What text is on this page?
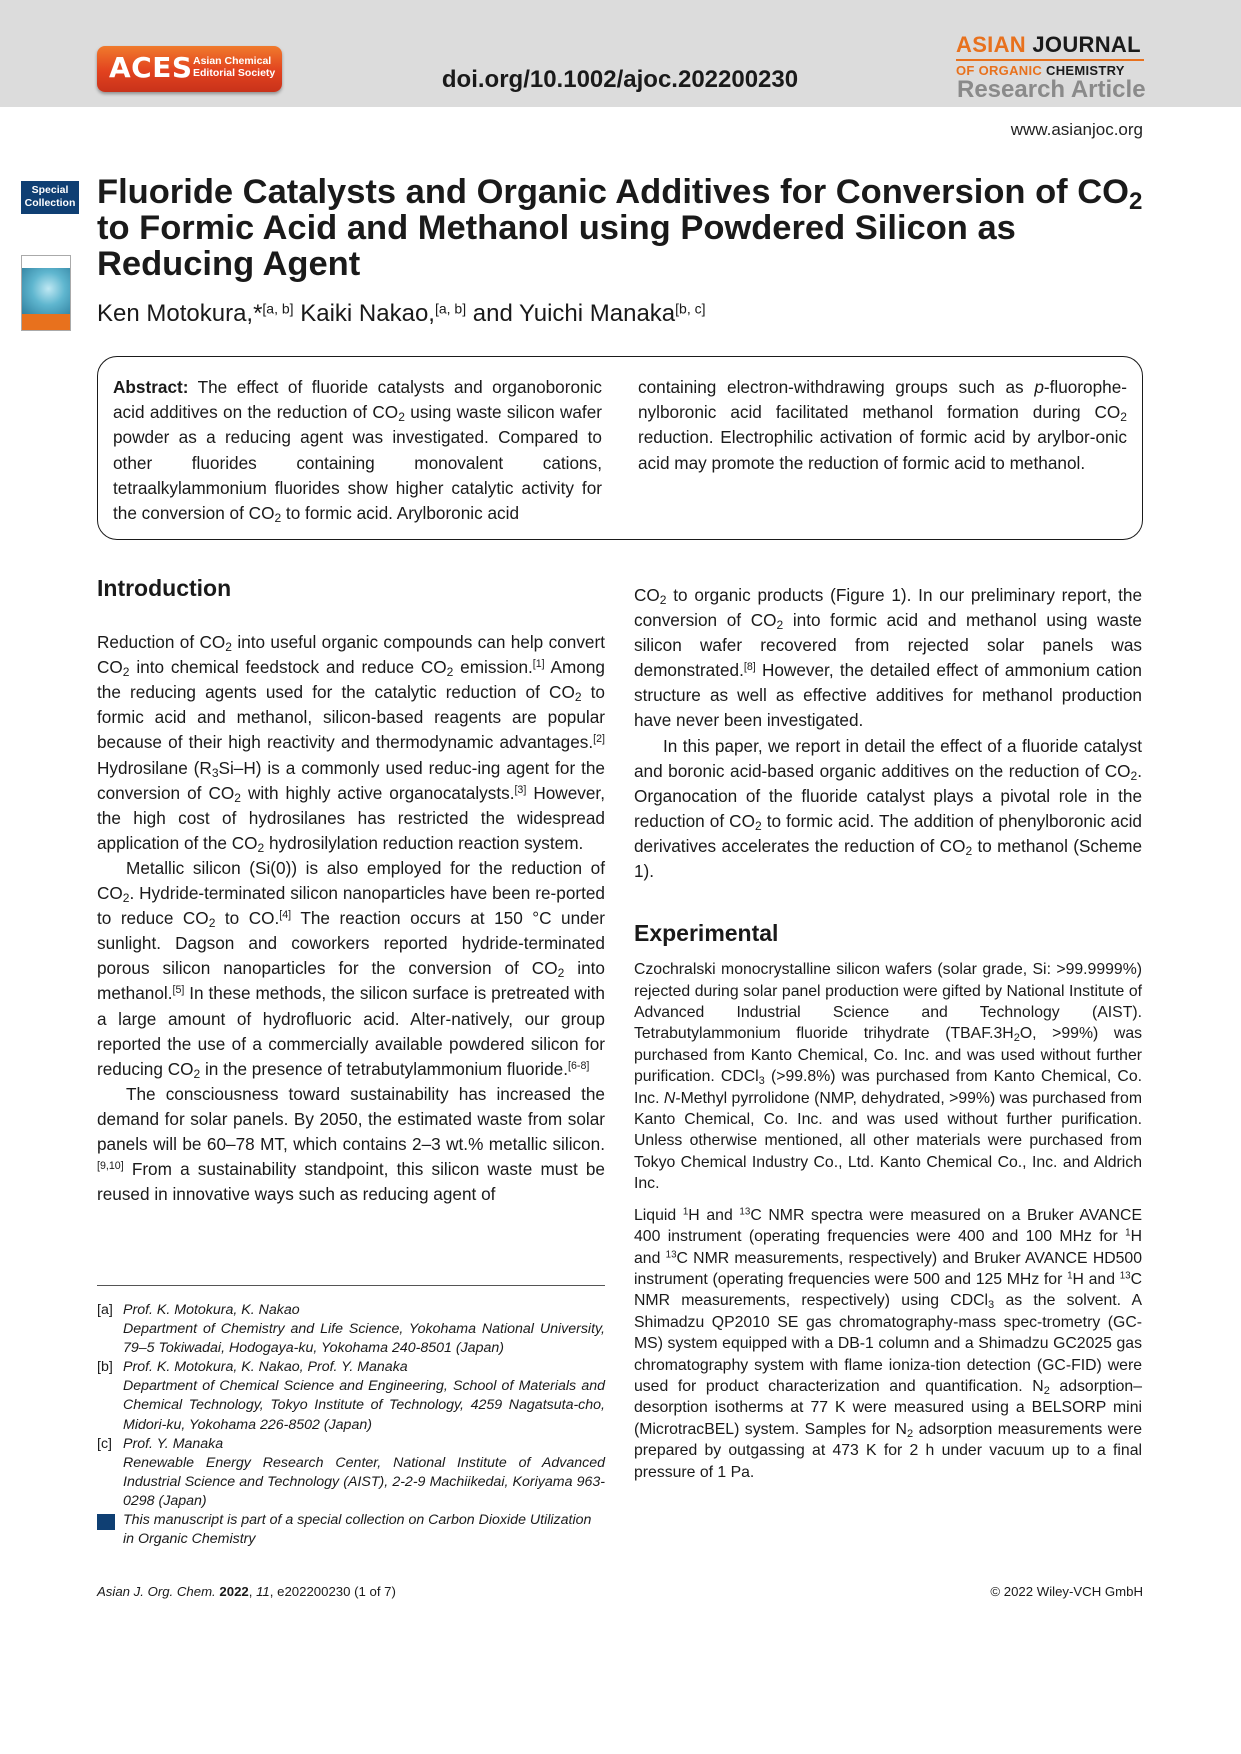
ACES Asian Chemical
Editorial Society	doi.org/10.1002/ajoc.202200230
ASIAN JOURNAL
OF ORGANIC CHEMISTRY
Research Article
www.asianjoc.org
Special
Collection Fluoride Catalysts and Organic Additives for Conversion of $CO_2$ to Formic Acid and Methanol using Powdered Silicon as Reducing Agent
Ken Motokura,*[a, b] Kaiki Nakao,[a, b] and Yuichi Manaka[b, c]
Abstract: The effect of fluoride catalysts and organoboronic acid additives on the reduction of $CO_2$ using waste silicon wafer powder as a reducing agent was investigated. Compared to other fluorides containing monovalent cations, tetraalkylammonium fluorides show higher catalytic activity for the conversion of $CO_2$ to formic acid. Arylboronic acid
containing electron-withdrawing groups such as p-fluorophe-nylboronic acid facilitated methanol formation during $CO_2$ reduction. Electrophilic activation of formic acid by arylbor-onic acid may promote the reduction of formic acid to methanol.
Introduction

Reduction of $CO_2$ into useful organic compounds can help convert $CO_2$ into chemical feedstock and reduce $CO_2$ emission.[1] Among the reducing agents used for the catalytic reduction of $CO_2$ to formic acid and methanol, silicon-based reagents are popular because of their high reactivity and thermodynamic advantages.[2] Hydrosilane $(R_3Si-H)$ is a commonly used reduc-ing agent for the conversion of $CO_2$ with highly active organocatalysts.[3] However, the high cost of hydrosilanes has restricted the widespread application of the $CO_2$ hydrosilylation reduction reaction system.

Metallic silicon (Si(0)) is also employed for the reduction of $CO_2$. Hydride-terminated silicon nanoparticles have been re-ported to reduce $CO_2$ to CO.[4] The reaction occurs at 150 °C under sunlight. Dagson and coworkers reported hydride-terminated porous silicon nanoparticles for the conversion of $CO_2$ into methanol.[5] In these methods, the silicon surface is pretreated with a large amount of hydrofluoric acid. Alter-natively, our group reported the use of a commercially available powdered silicon for reducing $CO_2$ in the presence of tetrabutylammonium fluoride.[6-8]

The consciousness toward sustainability has increased the demand for solar panels. By 2050, the estimated waste from solar panels will be 60–78 MT, which contains 2–3 wt.% metallic silicon.[9,10] From a sustainability standpoint, this silicon waste must be reused in innovative ways such as reducing agent of

$CO_2$ to organic products (Figure 1). In our preliminary report, the conversion of $CO_2$ into formic acid and methanol using waste silicon wafer recovered from rejected solar panels was demonstrated.[8] However, the detailed effect of ammonium cation structure as well as effective additives for methanol production have never been investigated.

In this paper, we report in detail the effect of a fluoride catalyst and boronic acid-based organic additives on the reduction of $CO_2$. Organocation of the fluoride catalyst plays a pivotal role in the reduction of $CO_2$ to formic acid. The addition of phenylboronic acid derivatives accelerates the reduction of $CO_2$ to methanol (Scheme 1).

Experimental

Czochralski monocrystalline silicon wafers (solar grade, Si: >99.9999%) rejected during solar panel production were gifted by National Institute of Advanced Industrial Science and Technology (AIST). Tetrabutylammonium fluoride trihydrate ($TBAF.3H_2O$, >99%) was purchased from Kanto Chemical, Co. Inc. and was used without further purification. CDCl$_3$ (>99.8%) was purchased from Kanto Chemical, Co. Inc. N-Methyl pyrrolidone (NMP, dehydrated, >99%) was purchased from Kanto Chemical, Co. Inc. and was used without further purification. Unless otherwise mentioned, all other materials were purchased from Tokyo Chemical Industry Co., Ltd. Kanto Chemical Co., Inc. and Aldrich Inc.

Liquid $^1$H and $^{13}$C NMR spectra were measured on a Bruker AVANCE 400 instrument (operating frequencies were 400 and 100 MHz for $^1$H and $^{13}$C NMR measurements, respectively) and Bruker AVANCE HD500 instrument (operating frequencies were 500 and 125 MHz for $^1$H and $^{13}$C NMR measurements, respectively) using CDCl$_3$ as the solvent. A Shimadzu QP2010 SE gas chromatography-mass spec-trometry (GC-MS) system equipped with a DB-1 column and a Shimadzu GC2025 gas chromatography system with flame ioniza-tion detection (GC-FID) were used for product characterization and quantification. $N_2$ adsorption–desorption isotherms at 77 K were measured using a BELSORP mini (MicrotracBEL) system. Samples for $N_2$ adsorption measurements were prepared by outgassing at 473 K for 2 h under vacuum up to a final pressure of 1 Pa.

[a] Prof. K. Motokura, K. Nakao
Department of Chemistry and Life Science, Yokohama National University, 79–5 Tokiwadai, Hodogaya-ku, Yokohama 240-8501 (Japan)
[b] Prof. K. Motokura, K. Nakao, Prof. Y. Manaka
Department of Chemical Science and Engineering, School of Materials and Chemical Technology, Tokyo Institute of Technology, 4259 Nagatsuta-cho, Midori-ku, Yokohama 226-8502 (Japan)
[c] Prof. Y. Manaka
Renewable Energy Research Center, National Institute of Advanced Industrial Science and Technology (AIST), 2-2-9 Machiikedai, Koriyama 963-0298 (Japan)
This manuscript is part of a special collection on Carbon Dioxide Utilization in Organic Chemistry
Asian J. Org. Chem. 2022, 11, e202200230 (1 of 7)	© 2022 Wiley-VCH GmbH
